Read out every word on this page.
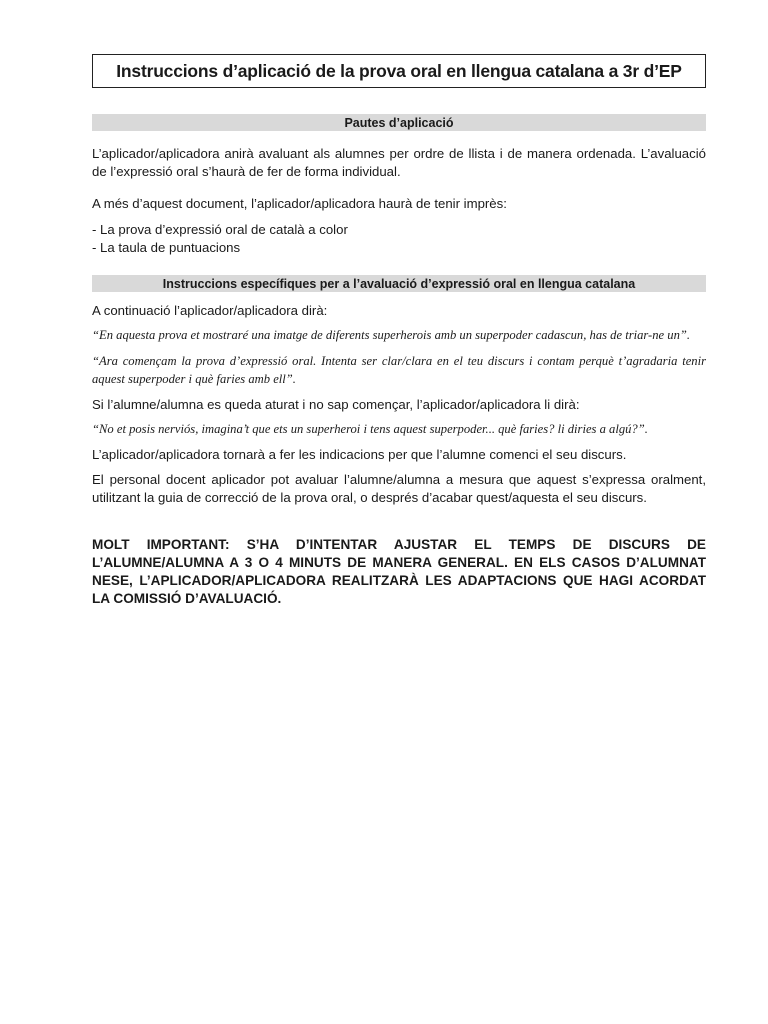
Instruccions d’aplicació de la prova oral en llengua catalana a 3r d’EP
Pautes d’aplicació

L’aplicador/aplicadora anirà avaluant als alumnes per ordre de llista i de manera ordenada. L’avaluació de l’expressió oral s’haurà de fer de forma individual.

A més d’aquest document, l’aplicador/aplicadora haurà de tenir imprès:

- La prova d’expressió oral de català a color
- La taula de puntuacions
Instruccions específiques per a l’avaluació d’expressió oral en llengua catalana

A continuació l’aplicador/aplicadora dirà:

“En aquesta prova et mostraré una imatge de diferents superherois amb un superpoder cadascun, has de triar-ne un”.

“Ara començam la prova d’expressió oral. Intenta ser clar/clara en el teu discurs i contam perquè t’agradaria tenir aquest superpoder i què faries amb ell”.

Si l’alumne/alumna es queda aturat i no sap començar, l’aplicador/aplicadora li dirà:

“No et posis nerviós, imagina’t que ets un superheroi i tens aquest superpoder... què faries? li diries a algú?”.

L’aplicador/aplicadora tornarà a fer les indicacions per que l’alumne comenci el seu discurs.

El personal docent aplicador pot avaluar l’alumne/alumna a mesura que aquest s’expressa oralment, utilitzant la guia de correcció de la prova oral, o després d’acabar quest/aquesta el seu discurs.

MOLT IMPORTANT: S’HA D’INTENTAR AJUSTAR EL TEMPS DE DISCURS DE L’ALUMNE/ALUMNA A 3 O 4 MINUTS DE MANERA GENERAL. EN ELS CASOS D’ALUMNAT NESE, L’APLICADOR/APLICADORA REALITZARÀ LES ADAPTACIONS QUE HAGI ACORDAT LA COMISSIÓ D’AVALUACIÓ.
